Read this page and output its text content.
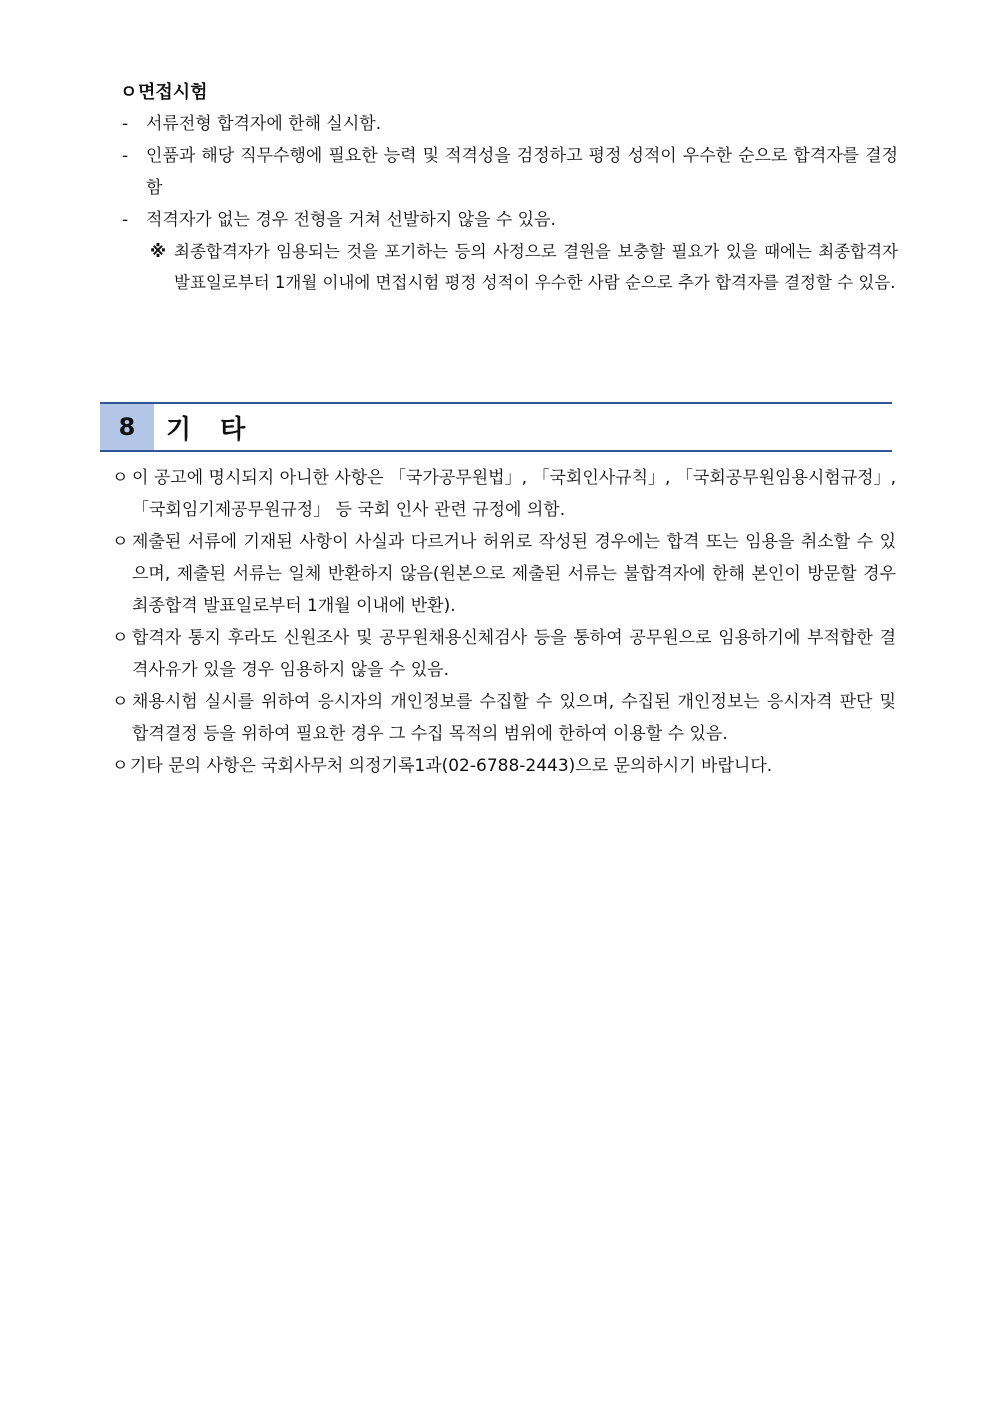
ㅇ면접시험
- 서류전형 합격자에 한해 실시함.
- 인품과 해당 직무수행에 필요한 능력 및 적격성을 검정하고 평정 성적이 우수한 순으로 합격자를 결정함
- 적격자가 없는 경우 전형을 거쳐 선발하지 않을 수 있음.
※ 최종합격자가 임용되는 것을 포기하는 등의 사정으로 결원을 보충할 필요가 있을 때에는 최종합격자 발표일로부터 1개월 이내에 면접시험 평정 성적이 우수한 사람 순으로 추가 합격자를 결정할 수 있음.
8	기 타
ㅇ 이 공고에 명시되지 아니한 사항은 「국가공무원법」, 「국회인사규칙」, 「국회공무원임용시험규정」, 「국회임기제공무원규정」 등 국회 인사 관련 규정에 의함.
ㅇ 제출된 서류에 기재된 사항이 사실과 다르거나 허위로 작성된 경우에는 합격 또는 임용을 취소할 수 있으며, 제출된 서류는 일체 반환하지 않음(원본으로 제출된 서류는 불합격자에 한해 본인이 방문할 경우 최종합격 발표일로부터 1개월 이내에 반환).
ㅇ 합격자 통지 후라도 신원조사 및 공무원채용신체검사 등을 통하여 공무원으로 임용하기에 부적합한 결격사유가 있을 경우 임용하지 않을 수 있음.
ㅇ 채용시험 실시를 위하여 응시자의 개인정보를 수집할 수 있으며, 수집된 개인정보는 응시자격 판단 및 합격결정 등을 위하여 필요한 경우 그 수집 목적의 범위에 한하여 이용할 수 있음.
ㅇ 기타 문의 사항은 국회사무처 의정기록1과(02-6788-2443)으로 문의하시기 바랍니다.
